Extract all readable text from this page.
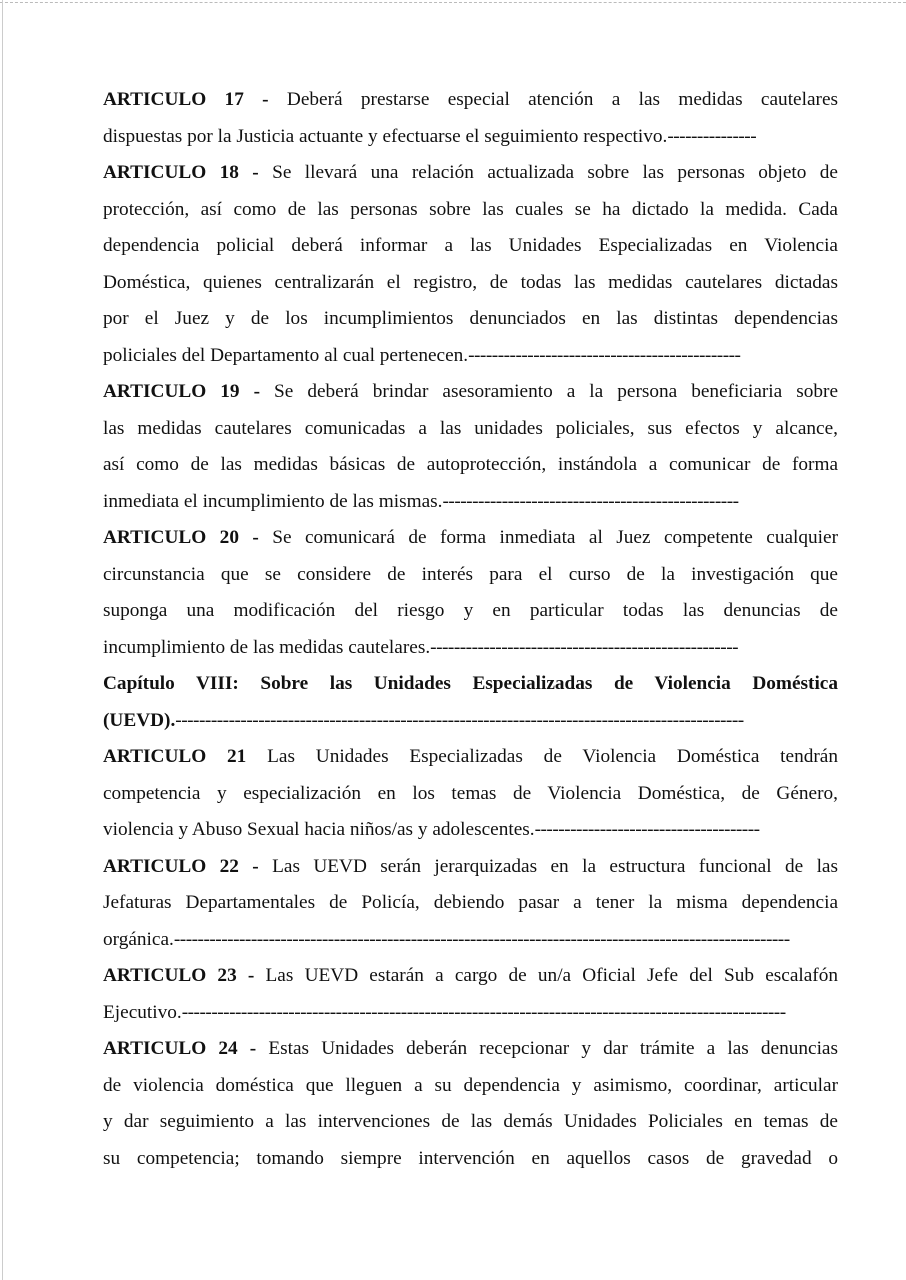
ARTICULO 17 - Deberá prestarse especial atención a las medidas cautelares
dispuestas por la Justicia actuante y efectuarse el seguimiento respectivo. ---------------
ARTICULO 18 - Se llevará una relación actualizada sobre las personas objeto de
protección, así como de las personas sobre las cuales se ha dictado la medida. Cada
dependencia policial deberá informar a las Unidades Especializadas en Violencia
Doméstica, quienes centralizarán el registro, de todas las medidas cautelares dictadas
por el Juez y de los incumplimientos denunciados en las distintas dependencias
policiales del Departamento al cual pertenecen. ----------------------------------------------
ARTICULO 19 - Se deberá brindar asesoramiento a la persona beneficiaria sobre
las medidas cautelares comunicadas a las unidades policiales, sus efectos y alcance,
así como de las medidas básicas de autoprotección, instándola a comunicar de forma
inmediata el incumplimiento de las mismas. --------------------------------------------------
ARTICULO 20 - Se comunicará de forma inmediata al Juez competente cualquier
circunstancia que se considere de interés para el curso de la investigación que
suponga una modificación del riesgo y en particular todas las denuncias de
incumplimiento de las medidas cautelares. ----------------------------------------------------
Capítulo VIII: Sobre las Unidades Especializadas de Violencia Doméstica
(UEVD). ------------------------------------------------------------------------------------------------
ARTICULO 21 Las Unidades Especializadas de Violencia Doméstica tendrán
competencia y especialización en los temas de Violencia Doméstica, de Género,
violencia y Abuso Sexual hacia niños/as y adolescentes. --------------------------------------
ARTICULO 22 - Las UEVD serán jerarquizadas en la estructura funcional de las
Jefaturas Departamentales de Policía, debiendo pasar a tener la misma dependencia
orgánica. --------------------------------------------------------------------------------------------------------
ARTICULO 23 - Las UEVD estarán a cargo de un/a Oficial Jefe del Sub escalafón
Ejecutivo. ------------------------------------------------------------------------------------------------------
ARTICULO 24 - Estas Unidades deberán recepcionar y dar trámite a las denuncias
de violencia doméstica que lleguen a su dependencia y asimismo, coordinar, articular
y dar seguimiento a las intervenciones de las demás Unidades Policiales en temas de
su competencia; tomando siempre intervención en aquellos casos de gravedad o
